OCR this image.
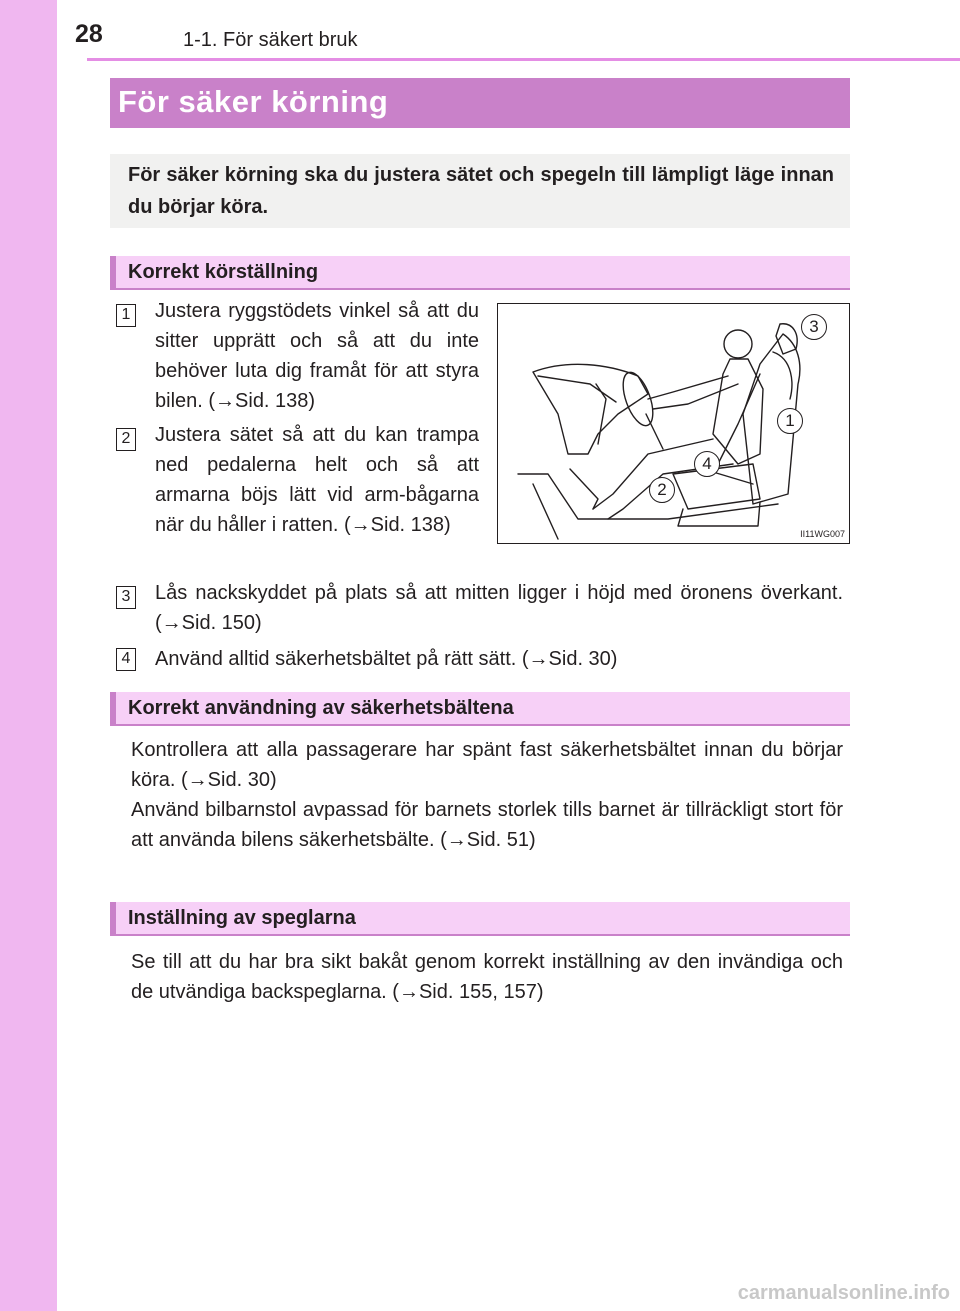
28	1-1. För säkert bruk
För säker körning

För säker körning ska du justera sätet och spegeln till lämpligt läge innan du börjar köra.

Korrekt körställning
1 Justera ryggstödets vinkel så att du sitter upprätt och så att du inte behöver luta dig framåt för att styra bilen. (→Sid. 138)

2 Justera sätet så att du kan trampa ned pedalerna helt och så att armarna böjs lätt vid arm-bågarna när du håller i ratten. (→Sid. 138)

3 Lås nackskyddet på plats så att mitten ligger i höjd med öronens överkant. (→Sid. 150)

4 Använd alltid säkerhetsbältet på rätt sätt. (→Sid. 30)

3
1
4
2
II11WG007
Korrekt användning av säkerhetsbältena

Kontrollera att alla passagerare har spänt fast säkerhetsbältet innan du börjar köra. (→Sid. 30)

Använd bilbarnstol avpassad för barnets storlek tills barnet är tillräckligt stort för att använda bilens säkerhetsbälte. (→Sid. 51)

Inställning av speglarna

Se till att du har bra sikt bakåt genom korrekt inställning av den invändiga och de utvändiga backspeglarna. (→Sid. 155, 157)

carmanualsonline.info
